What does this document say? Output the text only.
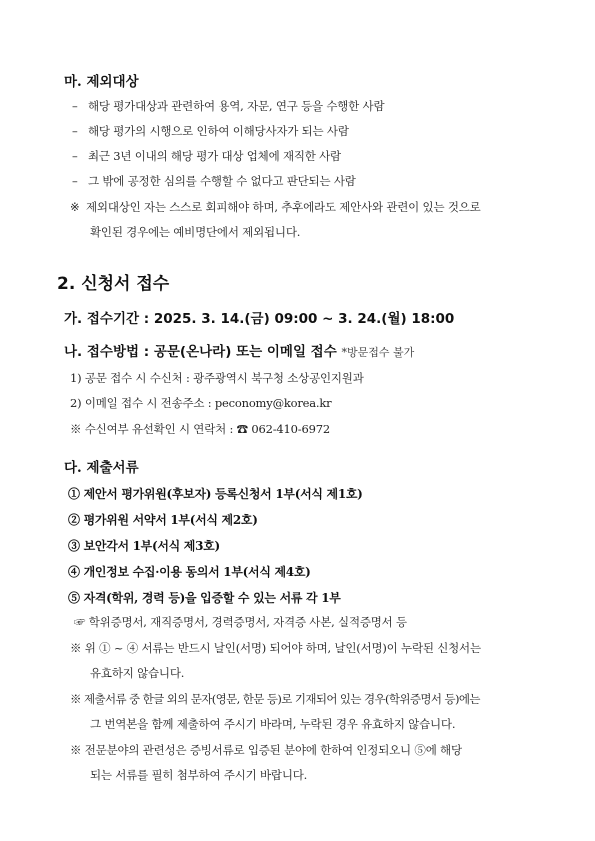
마. 제외대상
– 해당 평가대상과 관련하여 용역, 자문, 연구 등을 수행한 사람
– 해당 평가의 시행으로 인하여 이해당사자가 되는 사람
– 최근 3년 이내의 해당 평가 대상 업체에 재직한 사람
– 그 밖에 공정한 심의를 수행할 수 없다고 판단되는 사람
※ 제외대상인 자는 스스로 회피해야 하며, 추후에라도 제안사와 관련이 있는 것으로
확인된 경우에는 예비명단에서 제외됩니다.
2. 신청서 접수
가. 접수기간 : 2025. 3. 14.(금) 09:00 ~ 3. 24.(월) 18:00
나. 접수방법 : 공문(온나라) 또는 이메일 접수 *방문접수 불가
1) 공문 접수 시 수신처 : 광주광역시 북구청 소상공인지원과
2) 이메일 접수 시 전송주소 : peconomy@korea.kr
※ 수신여부 유선확인 시 연락처 : ☎ 062-410-6972
다. 제출서류
① 제안서 평가위원(후보자) 등록신청서 1부(서식 제1호)
② 평가위원 서약서 1부(서식 제2호)
③ 보안각서 1부(서식 제3호)
④ 개인정보 수집·이용 동의서 1부(서식 제4호)
⑤ 자격(학위, 경력 등)을 입증할 수 있는 서류 각 1부
☞ 학위증명서, 재직증명서, 경력증명서, 자격증 사본, 실적증명서 등
※ 위 ① ~ ④ 서류는 반드시 날인(서명) 되어야 하며, 날인(서명)이 누락된 신청서는
유효하지 않습니다.
※ 제출서류 중 한글 외의 문자(영문, 한문 등)로 기재되어 있는 경우(학위증명서 등)에는
그 번역본을 함께 제출하여 주시기 바라며, 누락된 경우 유효하지 않습니다.
※ 전문분야의 관련성은 증빙서류로 입증된 분야에 한하여 인정되오니 ⑤에 해당
되는 서류를 필히 첨부하여 주시기 바랍니다.
